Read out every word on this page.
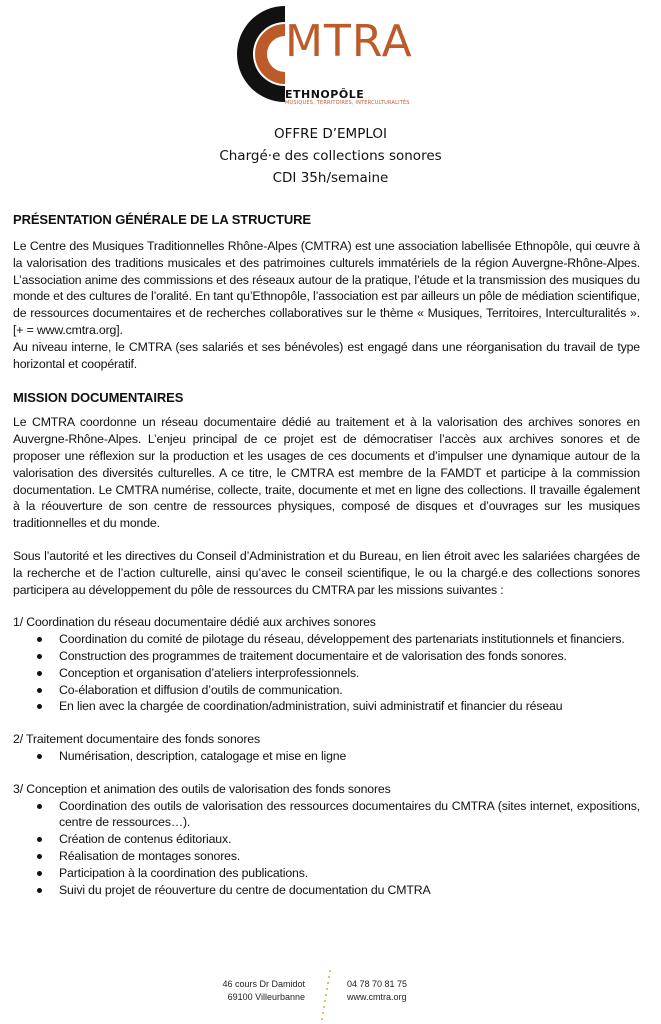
MTRA
ETHNOPÔLE
MUSIQUES, TERRITOIRES, INTERCULTURALITÉS
OFFRE D’EMPLOI
Chargé·e des collections sonores
CDI 35h/semaine
PRÉSENTATION GÉNÉRALE DE LA STRUCTURE

Le Centre des Musiques Traditionnelles Rhône-Alpes (CMTRA) est une association labellisée Ethnopôle, qui œuvre à la valorisation des traditions musicales et des patrimoines culturels immatériels de la région Auvergne-Rhône-Alpes. L’association anime des commissions et des réseaux autour de la pratique, l’étude et la transmission des musiques du monde et des cultures de l’oralité. En tant qu’Ethnopôle, l’association est par ailleurs un pôle de médiation scientifique, de ressources documentaires et de recherches collaboratives sur le thème « Musiques, Territoires, Interculturalités ». [+ = www.cmtra.org].

Au niveau interne, le CMTRA (ses salariés et ses bénévoles) est engagé dans une réorganisation du travail de type horizontal et coopératif.

MISSION DOCUMENTAIRES

Le CMTRA coordonne un réseau documentaire dédié au traitement et à la valorisation des archives sonores en Auvergne-Rhône-Alpes. L’enjeu principal de ce projet est de démocratiser l’accès aux archives sonores et de proposer une réflexion sur la production et les usages de ces documents et d’impulser une dynamique autour de la valorisation des diversités culturelles. A ce titre, le CMTRA est membre de la FAMDT et participe à la commission documentation. Le CMTRA numérise, collecte, traite, documente et met en ligne des collections. Il travaille également à la réouverture de son centre de ressources physiques, composé de disques et d’ouvrages sur les musiques traditionnelles et du monde.

Sous l’autorité et les directives du Conseil d’Administration et du Bureau, en lien étroit avec les salariées chargées de la recherche et de l’action culturelle, ainsi qu’avec le conseil scientifique, le ou la chargé.e des collections sonores participera au développement du pôle de ressources du CMTRA par les missions suivantes :

1/ Coordination du réseau documentaire dédié aux archives sonores
Coordination du comité de pilotage du réseau, développement des partenariats institutionnels et financiers.
Construction des programmes de traitement documentaire et de valorisation des fonds sonores.
Conception et organisation d’ateliers interprofessionnels.
Co-élaboration et diffusion d’outils de communication.
En lien avec la chargée de coordination/administration, suivi administratif et financier du réseau
2/ Traitement documentaire des fonds sonores
Numérisation, description, catalogage et mise en ligne
3/ Conception et animation des outils de valorisation des fonds sonores
Coordination des outils de valorisation des ressources documentaires du CMTRA (sites internet, expositions, centre de ressources…).
Création de contenus éditoriaux.
Réalisation de montages sonores.
Participation à la coordination des publications.
Suivi du projet de réouverture du centre de documentation du CMTRA
46 cours Dr Damidot
69100 Villeurbanne
04 78 70 81 75
www.cmtra.org
